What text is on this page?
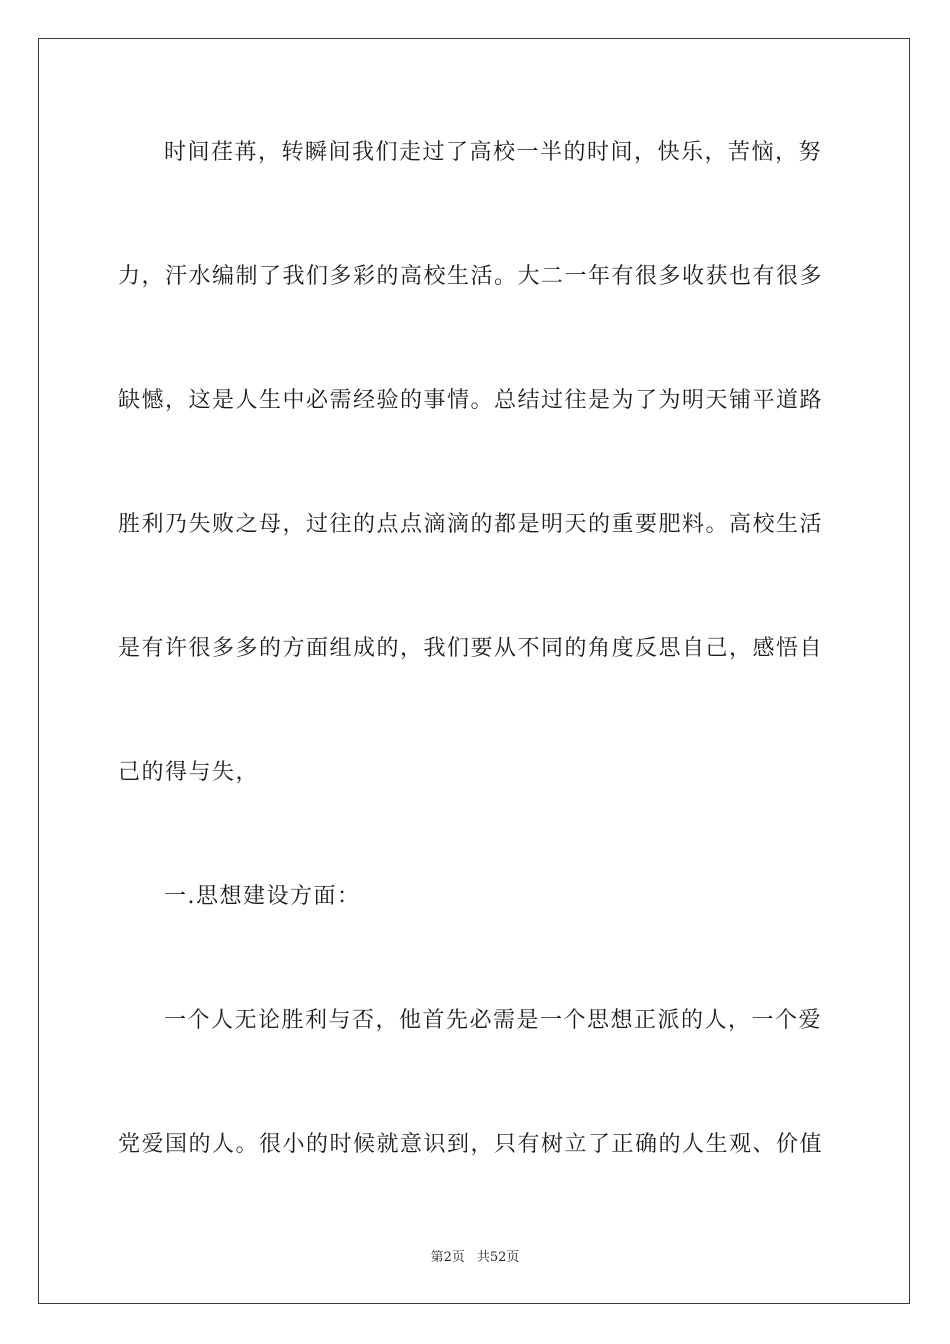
时间荏苒，转瞬间我们走过了高校一半的时间，快乐，苦恼，努
力，汗水编制了我们多彩的高校生活。大二一年有很多收获也有很多
缺憾，这是人生中必需经验的事情。总结过往是为了为明天铺平道路
胜利乃失败之母，过往的点点滴滴的都是明天的重要肥料。高校生活
是有许很多多的方面组成的，我们要从不同的角度反思自己，感悟自
己的得与失，
一.思想建设方面：
一个人无论胜利与否，他首先必需是一个思想正派的人，一个爱
党爱国的人。很小的时候就意识到，只有树立了正确的人生观、价值
第2页 共52页
